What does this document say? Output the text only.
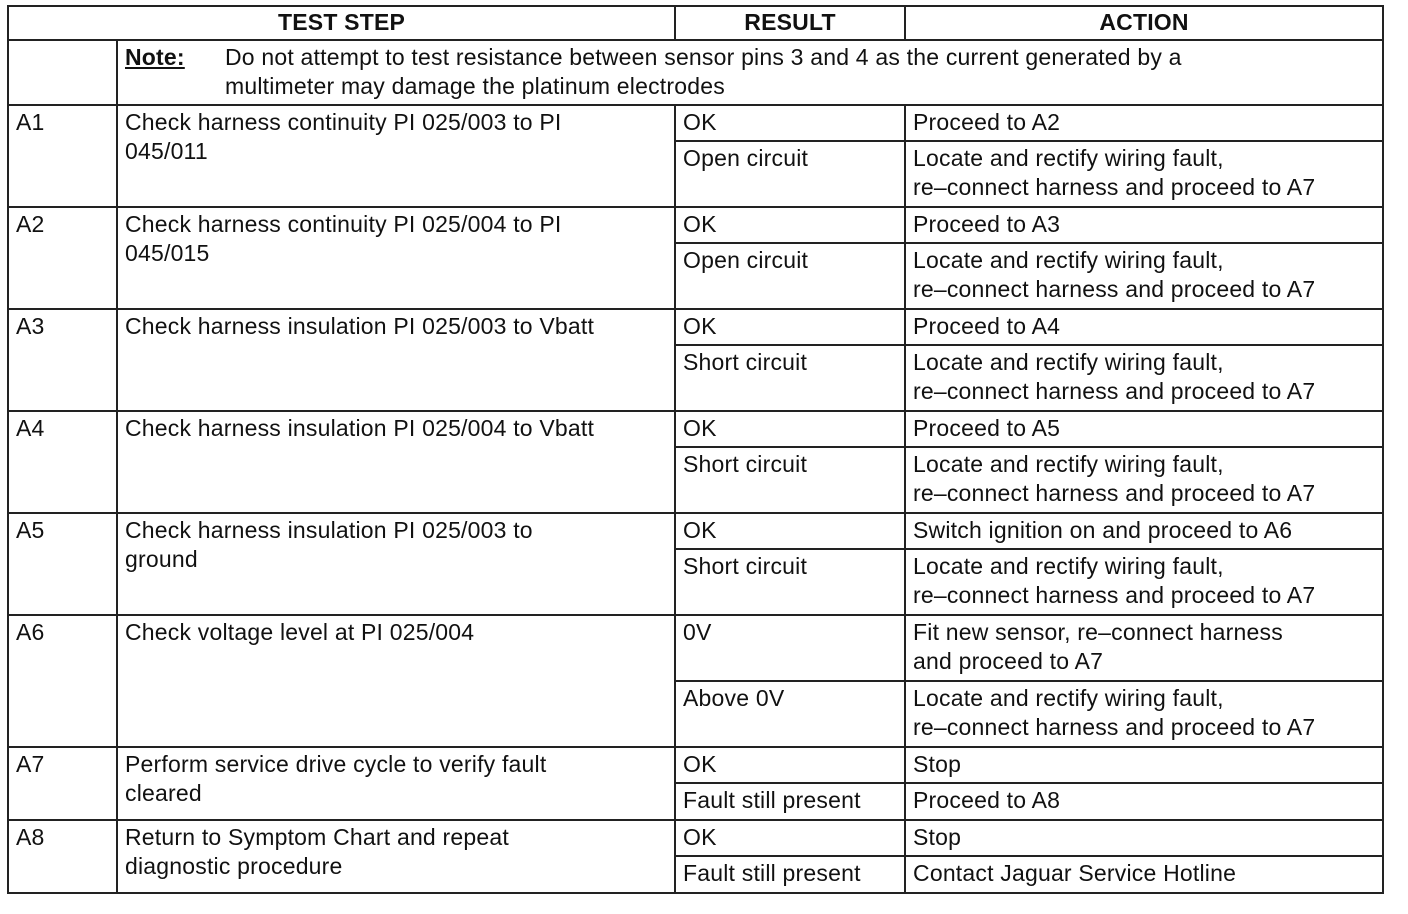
TEST STEP		RESULT	ACTION

	Note: Do not attempt to test resistance between sensor pins 3 and 4 as the current generated by a
multimeter may damage the platinum electrodes		

A1	Check harness continuity PI 025/003 to PI
045/011	OK	Proceed to A2

		Open circuit	Locate and rectify wiring fault,
re–connect harness and proceed to A7

A2	Check harness continuity PI 025/004 to PI
045/015	OK	Proceed to A3

		Open circuit	Locate and rectify wiring fault,
re–connect harness and proceed to A7

A3	Check harness insulation PI 025/003 to Vbatt	OK	Proceed to A4

		Short circuit	Locate and rectify wiring fault,
re–connect harness and proceed to A7

A4	Check harness insulation PI 025/004 to Vbatt	OK	Proceed to A5

		Short circuit	Locate and rectify wiring fault,
re–connect harness and proceed to A7

A5	Check harness insulation PI 025/003 to
ground	OK	Switch ignition on and proceed to A6

		Short circuit	Locate and rectify wiring fault,
re–connect harness and proceed to A7

A6	Check voltage level at PI 025/004	0V	Fit new sensor, re–connect harness
and proceed to A7

		Above 0V	Locate and rectify wiring fault,
re–connect harness and proceed to A7

A7	Perform service drive cycle to verify fault
cleared	OK	Stop

		Fault still present	Proceed to A8

A8	Return to Symptom Chart and repeat
diagnostic procedure	OK	Stop

		Fault still present	Contact Jaguar Service Hotline
